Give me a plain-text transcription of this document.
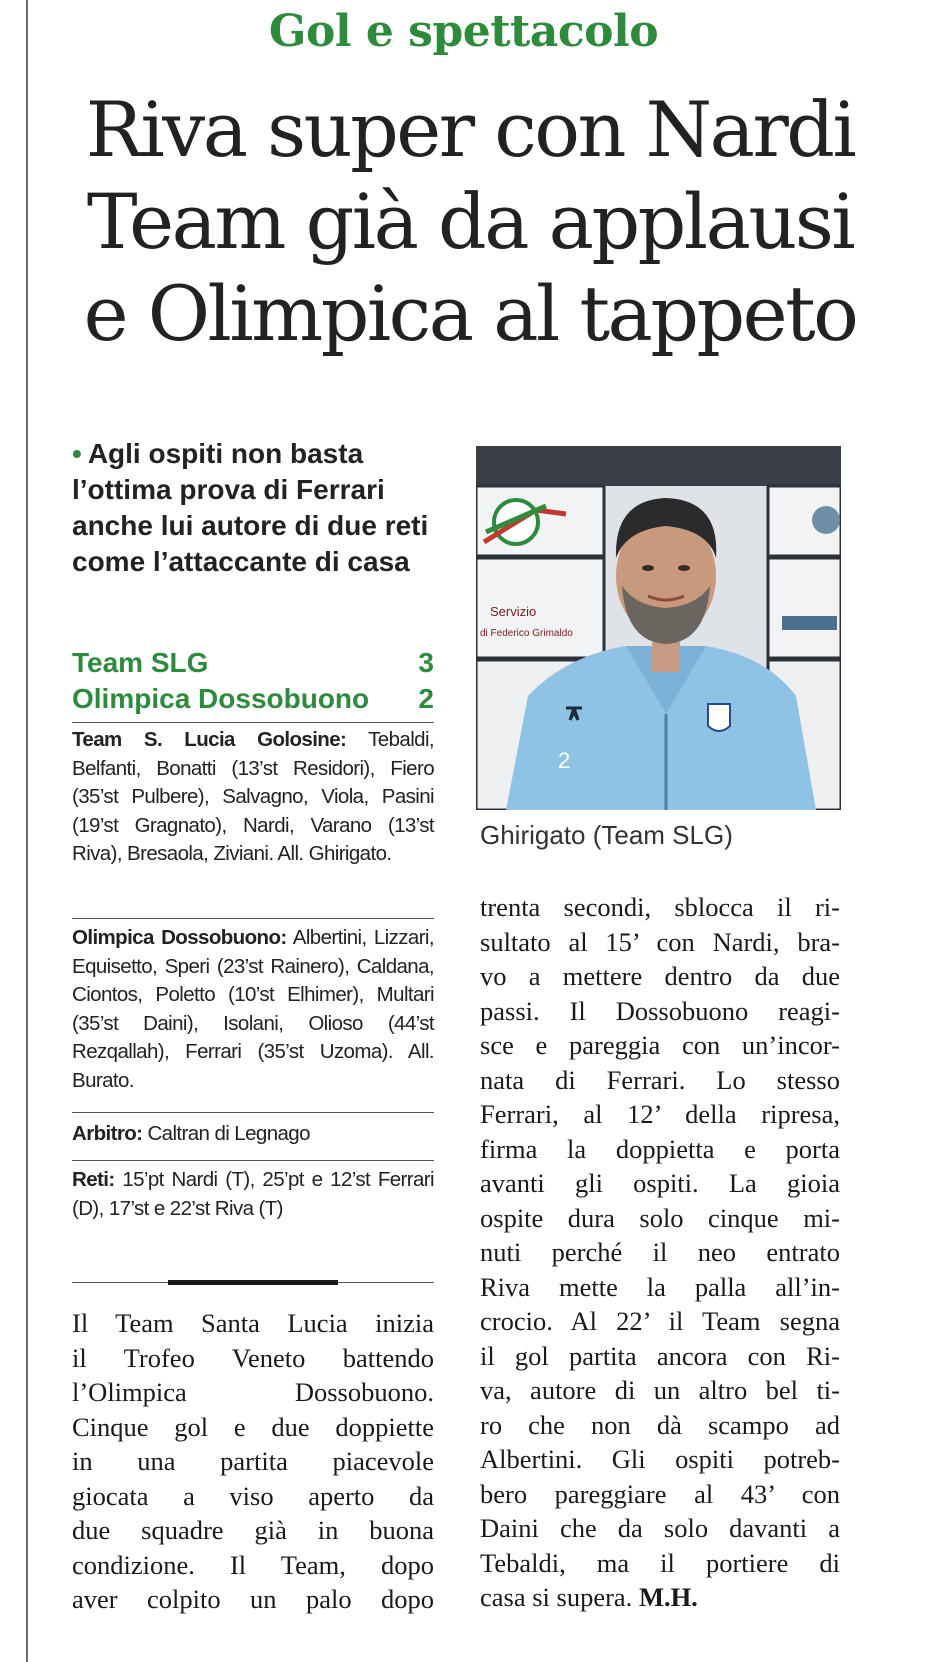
Gol e spettacolo
Riva super con Nardi
Team già da applausi
e Olimpica al tappeto
• Agli ospiti non basta l’ottima prova di Ferrari anche lui autore di due reti come l’attaccante di casa
Team SLG	3
Olimpica Dossobuono 2
Team S. Lucia Golosine: Tebaldi, Belfanti, Bonatti (13’st Residori), Fiero (35’st Pulbere), Salvagno, Viola, Pasini (19’st Gragnato), Nardi, Varano (13’st Riva), Bresaola, Ziviani. All. Ghirigato.
Olimpica Dossobuono: Albertini, Lizzari, Equisetto, Speri (23’st Rainero), Caldana, Ciontos, Poletto (10’st Elhimer), Multari (35’st Daini), Isolani, Olioso (44’st Rezqallah), Ferrari (35’st Uzoma). All. Burato.
Arbitro: Caltran di Legnago
Reti: 15’pt Nardi (T), 25’pt e 12’st Ferrari (D), 17’st e 22’st Riva (T)
Il Team Santa Lucia inizia
il Trofeo Veneto battendo
l’Olimpica Dossobuono.
Cinque gol e due doppiette
in una partita piacevole
giocata a viso aperto da
due squadre già in buona
condizione. Il Team, dopo
aver colpito un palo dopo
Servizio
di Federico Grimaldo
2
Ghirigato (Team SLG)
trenta secondi, sblocca il ri-
sultato al 15’ con Nardi, bra-
vo a mettere dentro da due
passi. Il Dossobuono reagi-
sce e pareggia con un’incor-
nata di Ferrari. Lo stesso
Ferrari, al 12’ della ripresa,
firma la doppietta e porta
avanti gli ospiti. La gioia
ospite dura solo cinque mi-
nuti perché il neo entrato
Riva mette la palla all’in-
crocio. Al 22’ il Team segna
il gol partita ancora con Ri-
va, autore di un altro bel ti-
ro che non dà scampo ad
Albertini. Gli ospiti potreb-
bero pareggiare al 43’ con
Daini che da solo davanti a
Tebaldi, ma il portiere di
casa si supera. M.H.
